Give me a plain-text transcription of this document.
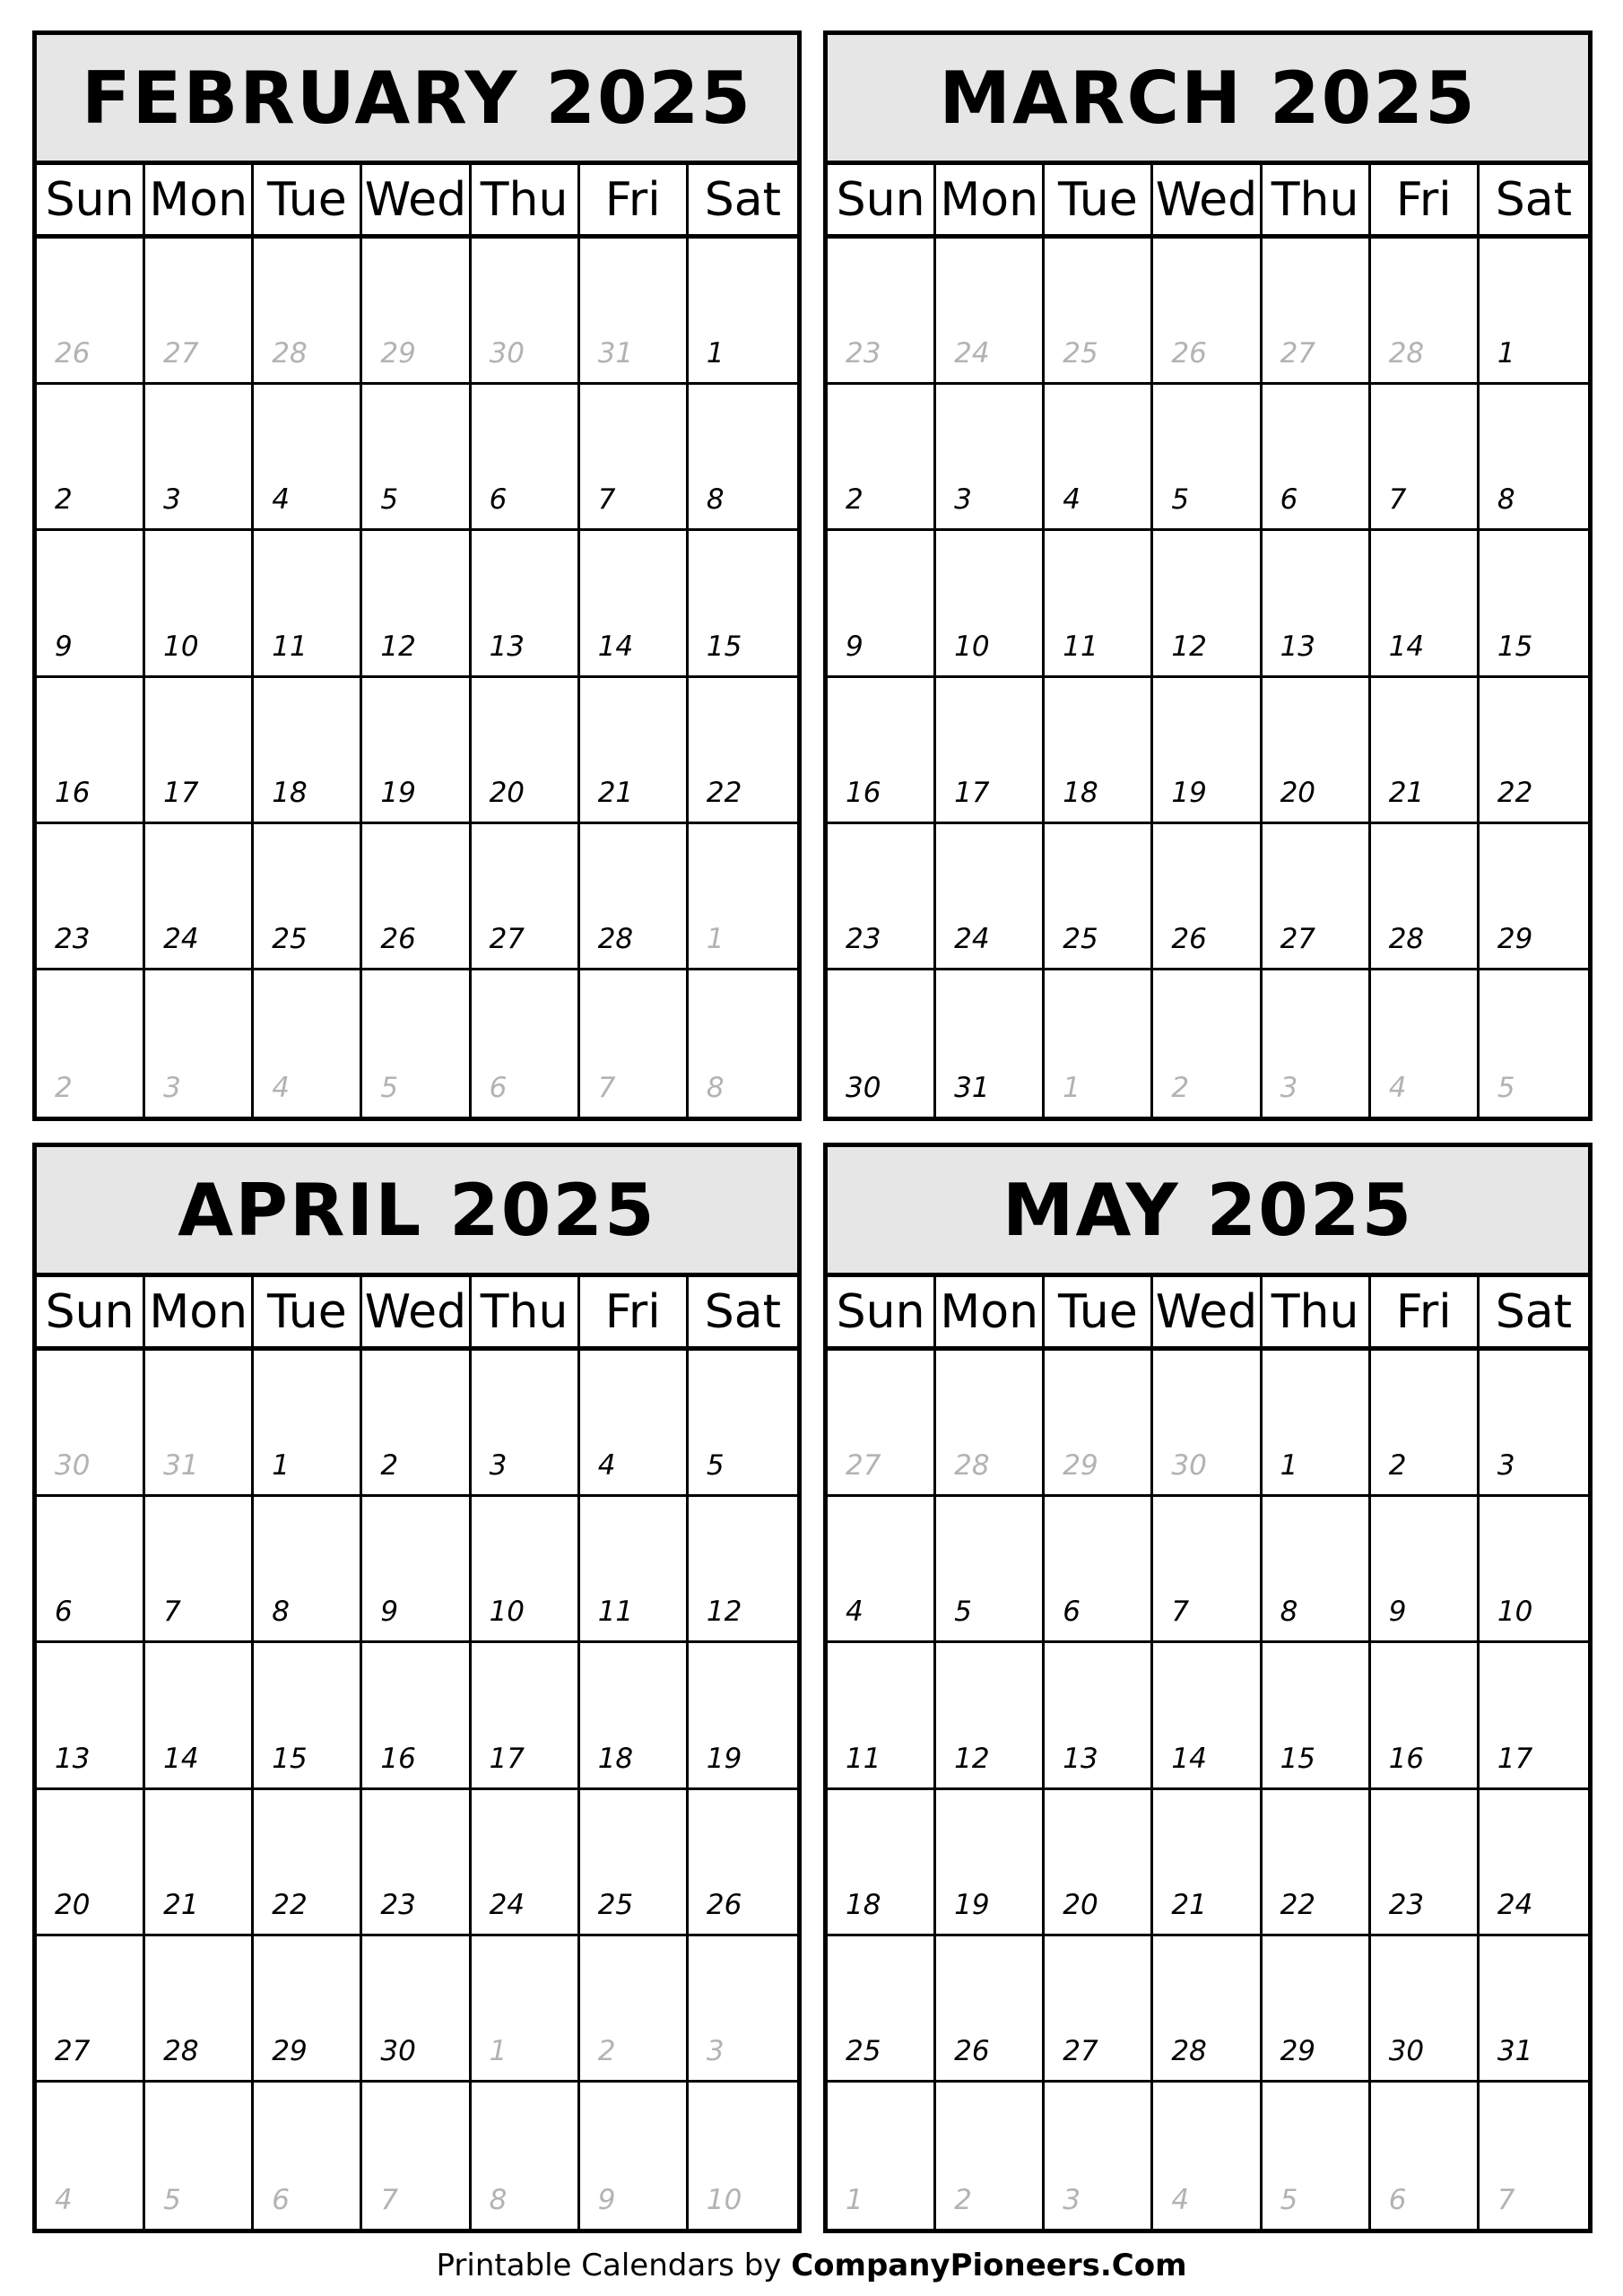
FEBRUARY 2025
Sun Mon Tue Wed Thu Fri Sat
26	27	28	29	30	31	1
2	3	4	5	6	7	8
9	10	11	12	13	14	15
16	17	18	19	20	21	22
23	24	25	26	27	28	1
2	3	4	5	6	7	8
MARCH 2025
Sun Mon Tue Wed Thu Fri Sat
23	24	25	26	27	28	1
2	3	4	5	6	7	8
9	10	11	12	13	14	15
16	17	18	19	20	21	22
23	24	25	26	27	28	29
30	31	1	2	3	4	5
APRIL 2025
Sun Mon Tue Wed Thu Fri Sat
30	31	1	2	3	4	5
6	7	8	9	10	11	12
13	14	15	16	17	18	19
20	21	22	23	24	25	26
27	28	29	30	1	2	3
4	5	6	7	8	9	10
MAY 2025
Sun Mon Tue Wed Thu Fri Sat
27	28	29	30	1	2	3
4	5	6	7	8	9	10
11	12	13	14	15	16	17
18	19	20	21	22	23	24
25	26	27	28	29	30	31
1	2	3	4	5	6	7
Printable Calendars by CompanyPioneers.Com
